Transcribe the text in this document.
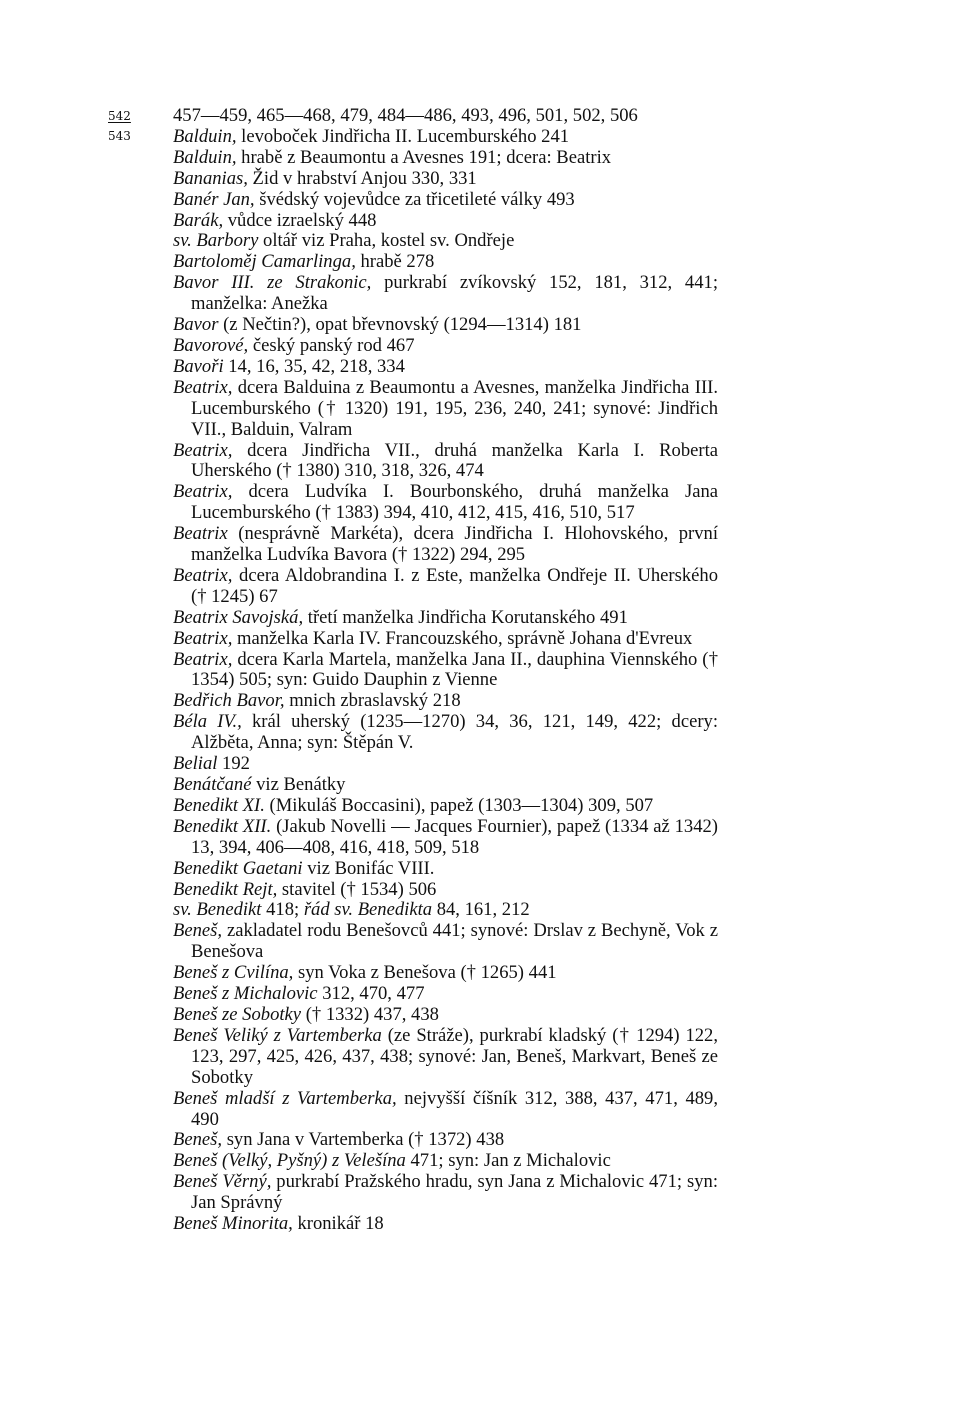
542
543
457—459, 465—468, 479, 484—486, 493, 496, 501, 502, 506
Balduin, levoboček Jindřicha II. Lucemburského 241
Balduin, hrabě z Beaumontu a Avesnes 191; dcera: Beatrix
Bananias, Žid v hrabství Anjou 330, 331
Banér Jan, švédský vojevůdce za třicetileté války 493
Barák, vůdce izraelský 448
sv. Barbory oltář viz Praha, kostel sv. Ondřeje
Bartoloměj Camarlinga, hrabě 278
Bavor III. ze Strakonic, purkrabí zvíkovský 152, 181, 312, 441; manželka: Anežka
Bavor (z Nečtin?), opat břevnovský (1294—1314) 181
Bavorové, český panský rod 467
Bavoři 14, 16, 35, 42, 218, 334
Beatrix, dcera Balduina z Beaumontu a Avesnes, manželka Jindřicha III. Lucemburského († 1320) 191, 195, 236, 240, 241; synové: Jindřich VII., Balduin, Valram
Beatrix, dcera Jindřicha VII., druhá manželka Karla I. Roberta Uherského († 1380) 310, 318, 326, 474
Beatrix, dcera Ludvíka I. Bourbonského, druhá manželka Jana Lucemburského († 1383) 394, 410, 412, 415, 416, 510, 517
Beatrix (nesprávně Markéta), dcera Jindřicha I. Hlohovského, první manželka Ludvíka Bavora († 1322) 294, 295
Beatrix, dcera Aldobrandina I. z Este, manželka Ondřeje II. Uherského († 1245) 67
Beatrix Savojská, třetí manželka Jindřicha Korutanského 491
Beatrix, manželka Karla IV. Francouzského, správně Johana d'Evreux
Beatrix, dcera Karla Martela, manželka Jana II., dauphina Viennského († 1354) 505; syn: Guido Dauphin z Vienne
Bedřich Bavor, mnich zbraslavský 218
Béla IV., král uherský (1235—1270) 34, 36, 121, 149, 422; dcery: Alžběta, Anna; syn: Štěpán V.
Belial 192
Benátčané viz Benátky
Benedikt XI. (Mikuláš Boccasini), papež (1303—1304) 309, 507
Benedikt XII. (Jakub Novelli — Jacques Fournier), papež (1334 až 1342) 13, 394, 406—408, 416, 418, 509, 518
Benedikt Gaetani viz Bonifác VIII.
Benedikt Rejt, stavitel († 1534) 506
sv. Benedikt 418; řád sv. Benedikta 84, 161, 212
Beneš, zakladatel rodu Benešovců 441; synové: Drslav z Bechyně, Vok z Benešova
Beneš z Cvilína, syn Voka z Benešova († 1265) 441
Beneš z Michalovic 312, 470, 477
Beneš ze Sobotky († 1332) 437, 438
Beneš Veliký z Vartemberka (ze Stráže), purkrabí kladský († 1294) 122, 123, 297, 425, 426, 437, 438; synové: Jan, Beneš, Markvart, Beneš ze Sobotky
Beneš mladší z Vartemberka, nejvyšší číšník 312, 388, 437, 471, 489, 490
Beneš, syn Jana v Vartemberka († 1372) 438
Beneš (Velký, Pyšný) z Velešína 471; syn: Jan z Michalovic
Beneš Věrný, purkrabí Pražského hradu, syn Jana z Michalovic 471; syn: Jan Správný
Beneš Minorita, kronikář 18
